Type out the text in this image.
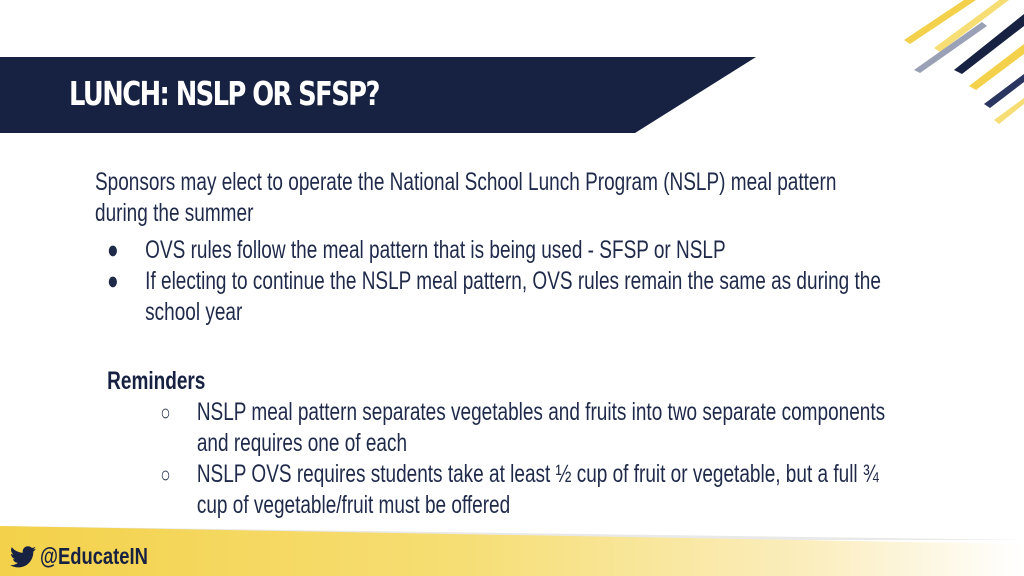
LUNCH: NSLP OR SFSP?

Sponsors may elect to operate the National School Lunch Program (NSLP) meal pattern during the summer

● OVS rules follow the meal pattern that is being used - SFSP or NSLP
● If electing to continue the NSLP meal pattern, OVS rules remain the same as during the school year
Reminders
○ NSLP meal pattern separates vegetables and fruits into two separate components and requires one of each
○ NSLP OVS requires students take at least ½ cup of fruit or vegetable, but a full ¾ cup of vegetable/fruit must be offered
@EducateIN
